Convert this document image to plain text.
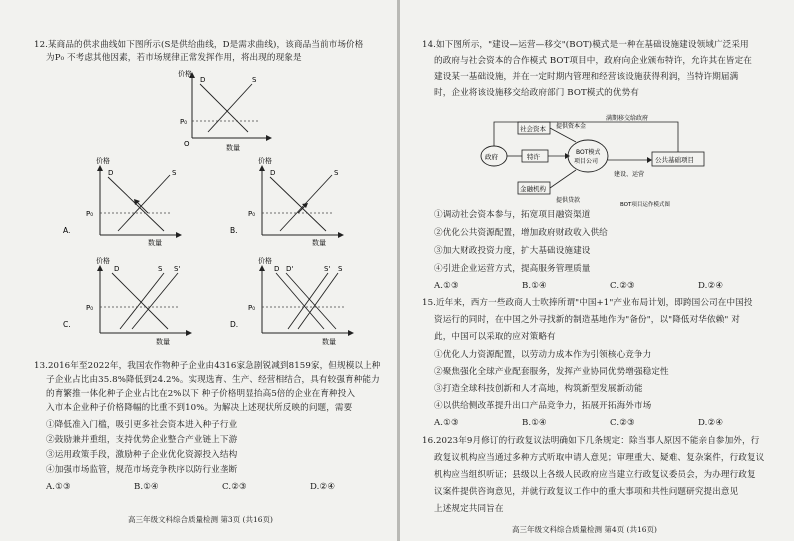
12.某商品的供求曲线如下图所示(S是供给曲线，D是需求曲线)，该商品当前市场价格
为P₀ 不考虑其他因素，若市场规律正常发挥作用，将出现的现象是
价格
数量
P₀
O
D	S
价格
数量
P₀
A.
D	S
价格
数量
P₀
B.
D	S
价格
数量
P₀
C.
D	S S'
价格
数量
P₀
D.
D D'	S' S
13.2016年至2022年，我国农作物种子企业由4316家急剧锐减到8159家，但规模以上种
子企业占比由35.8%降低到24.2%。实现选育、生产、经营相结合，具有较强育种能力
的育繁推一体化种子企业占比在2%以下 种子价格明显抬高5倍的企业在育种投入
入市本企业种子价格降幅的比重不到10%。为解决上述现状所反映的问题，需要
①降低准入门槛，吸引更多社会资本进入种子行业
②鼓励兼并重组，支持优势企业整合产业链上下游
③运用政策手段，激励种子企业优化资源投入结构
④加强市场监管，规范市场竞争秩序以防行业垄断
A.①③	B.①④	C.②③	D.②④
高三年级文科综合质量检测 第3页 (共16页)
14.如下图所示，"建设—运营—移交"(BOT)模式是一种在基础设施建设领域广泛采用
的政府与社会资本的合作模式 BOT项目中，政府向企业颁布特许，允许其在皆定在
建设某一基础设施，并在一定时期内管理和经营该设施获得利润，当特许期届满
时，企业将该设施移交给政府部门 BOT模式的优势有
政府	特许
社会资本
金融机构
BOT模式
项目公司
提供资本金
提供贷款
公共基础项目
建设、运营
满期移交给政府
BOT项目运作模式图
①调动社会资本参与，拓宽项目融资渠道
②优化公共资源配置，增加政府财政收入供给
③加大财政投资力度，扩大基础设施建设
④引进企业运营方式，提高服务管理质量
A.①③	B.①④	C.②③	D.②④
15.近年来，西方一些政商人士吹捧所谓"中国+1"产业布局计划，即跨国公司在中国投
资运行的同时，在中国之外寻找新的制造基地作为"备份"，以"降低对华依赖" 对
此，中国可以采取的应对策略有
①优化人力资源配置，以劳动力成本作为引领核心竞争力
②聚焦强化全球产业配套服务，发挥产业协同优势增强稳定性
③打造全球科技创新和人才高地，构筑新型发展新动能
④以供给侧改革提升出口产品竞争力，拓展开拓海外市场
A.①③	B.①④	C.②③	D.②④
16.2023年9月修订的行政复议法明确如下几条规定：除当事人原因不能亲自参加外，行
政复议机构应当通过多种方式听取申请人意见；审理重大、疑难、复杂案件，行政复议
机构应当组织听证；县级以上各级人民政府应当建立行政复议委员会，为办理行政复
议案件提供咨询意见，并就行政复议工作中的重大事项和共性问题研究提出意见
上述规定共同旨在
高三年级文科综合质量检测 第4页 (共16页)
